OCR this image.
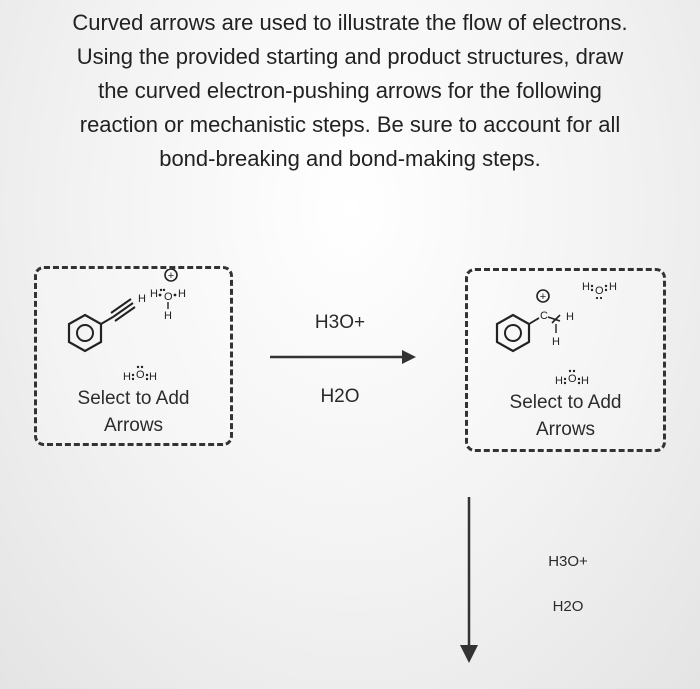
Curved arrows are used to illustrate the flow of electrons.
Using the provided starting and product structures, draw
the curved electron-pushing arrows for the following
reaction or mechanistic steps. Be sure to account for all
bond-breaking and bond-making steps.
H
+
H O H
H
H O H
Select to Add
Arrows
H3O+
H2O
+
C H
H
H O H
H O H
Select to Add
Arrows
H3O+
H2O
